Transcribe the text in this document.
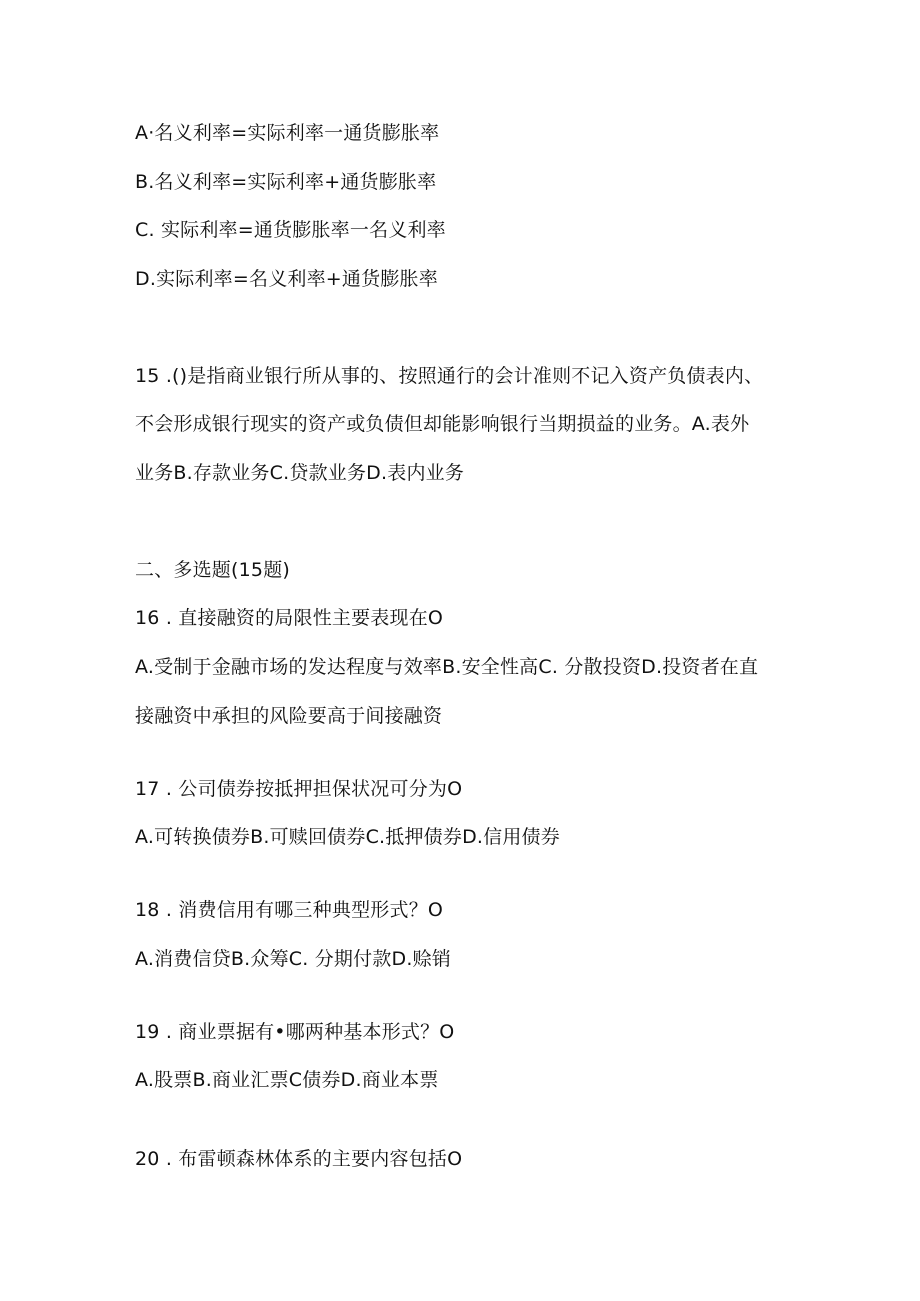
A·名义利率=实际利率一通货膨胀率
B.名义利率=实际利率+通货膨胀率
C. 实际利率=通货膨胀率一名义利率
D.实际利率=名义利率+通货膨胀率
15 .()是指商业银行所从事的、按照通行的会计准则不记入资产负债表内、
不会形成银行现实的资产或负债但却能影响银行当期损益的业务。A.表外
业务B.存款业务C.贷款业务D.表内业务
二、多选题(15题)
16 . 直接融资的局限性主要表现在O
A.受制于金融市场的发达程度与效率B.安全性高C. 分散投资D.投资者在直
接融资中承担的风险要高于间接融资
17 . 公司债券按抵押担保状况可分为O
A.可转换债券B.可赎回债券C.抵押债券D.信用债券
18 . 消费信用有哪三种典型形式？O
A.消费信贷B.众筹C. 分期付款D.赊销
19 . 商业票据有•哪两种基本形式？O
A.股票B.商业汇票C债券D.商业本票
20 . 布雷顿森林体系的主要内容包括O
